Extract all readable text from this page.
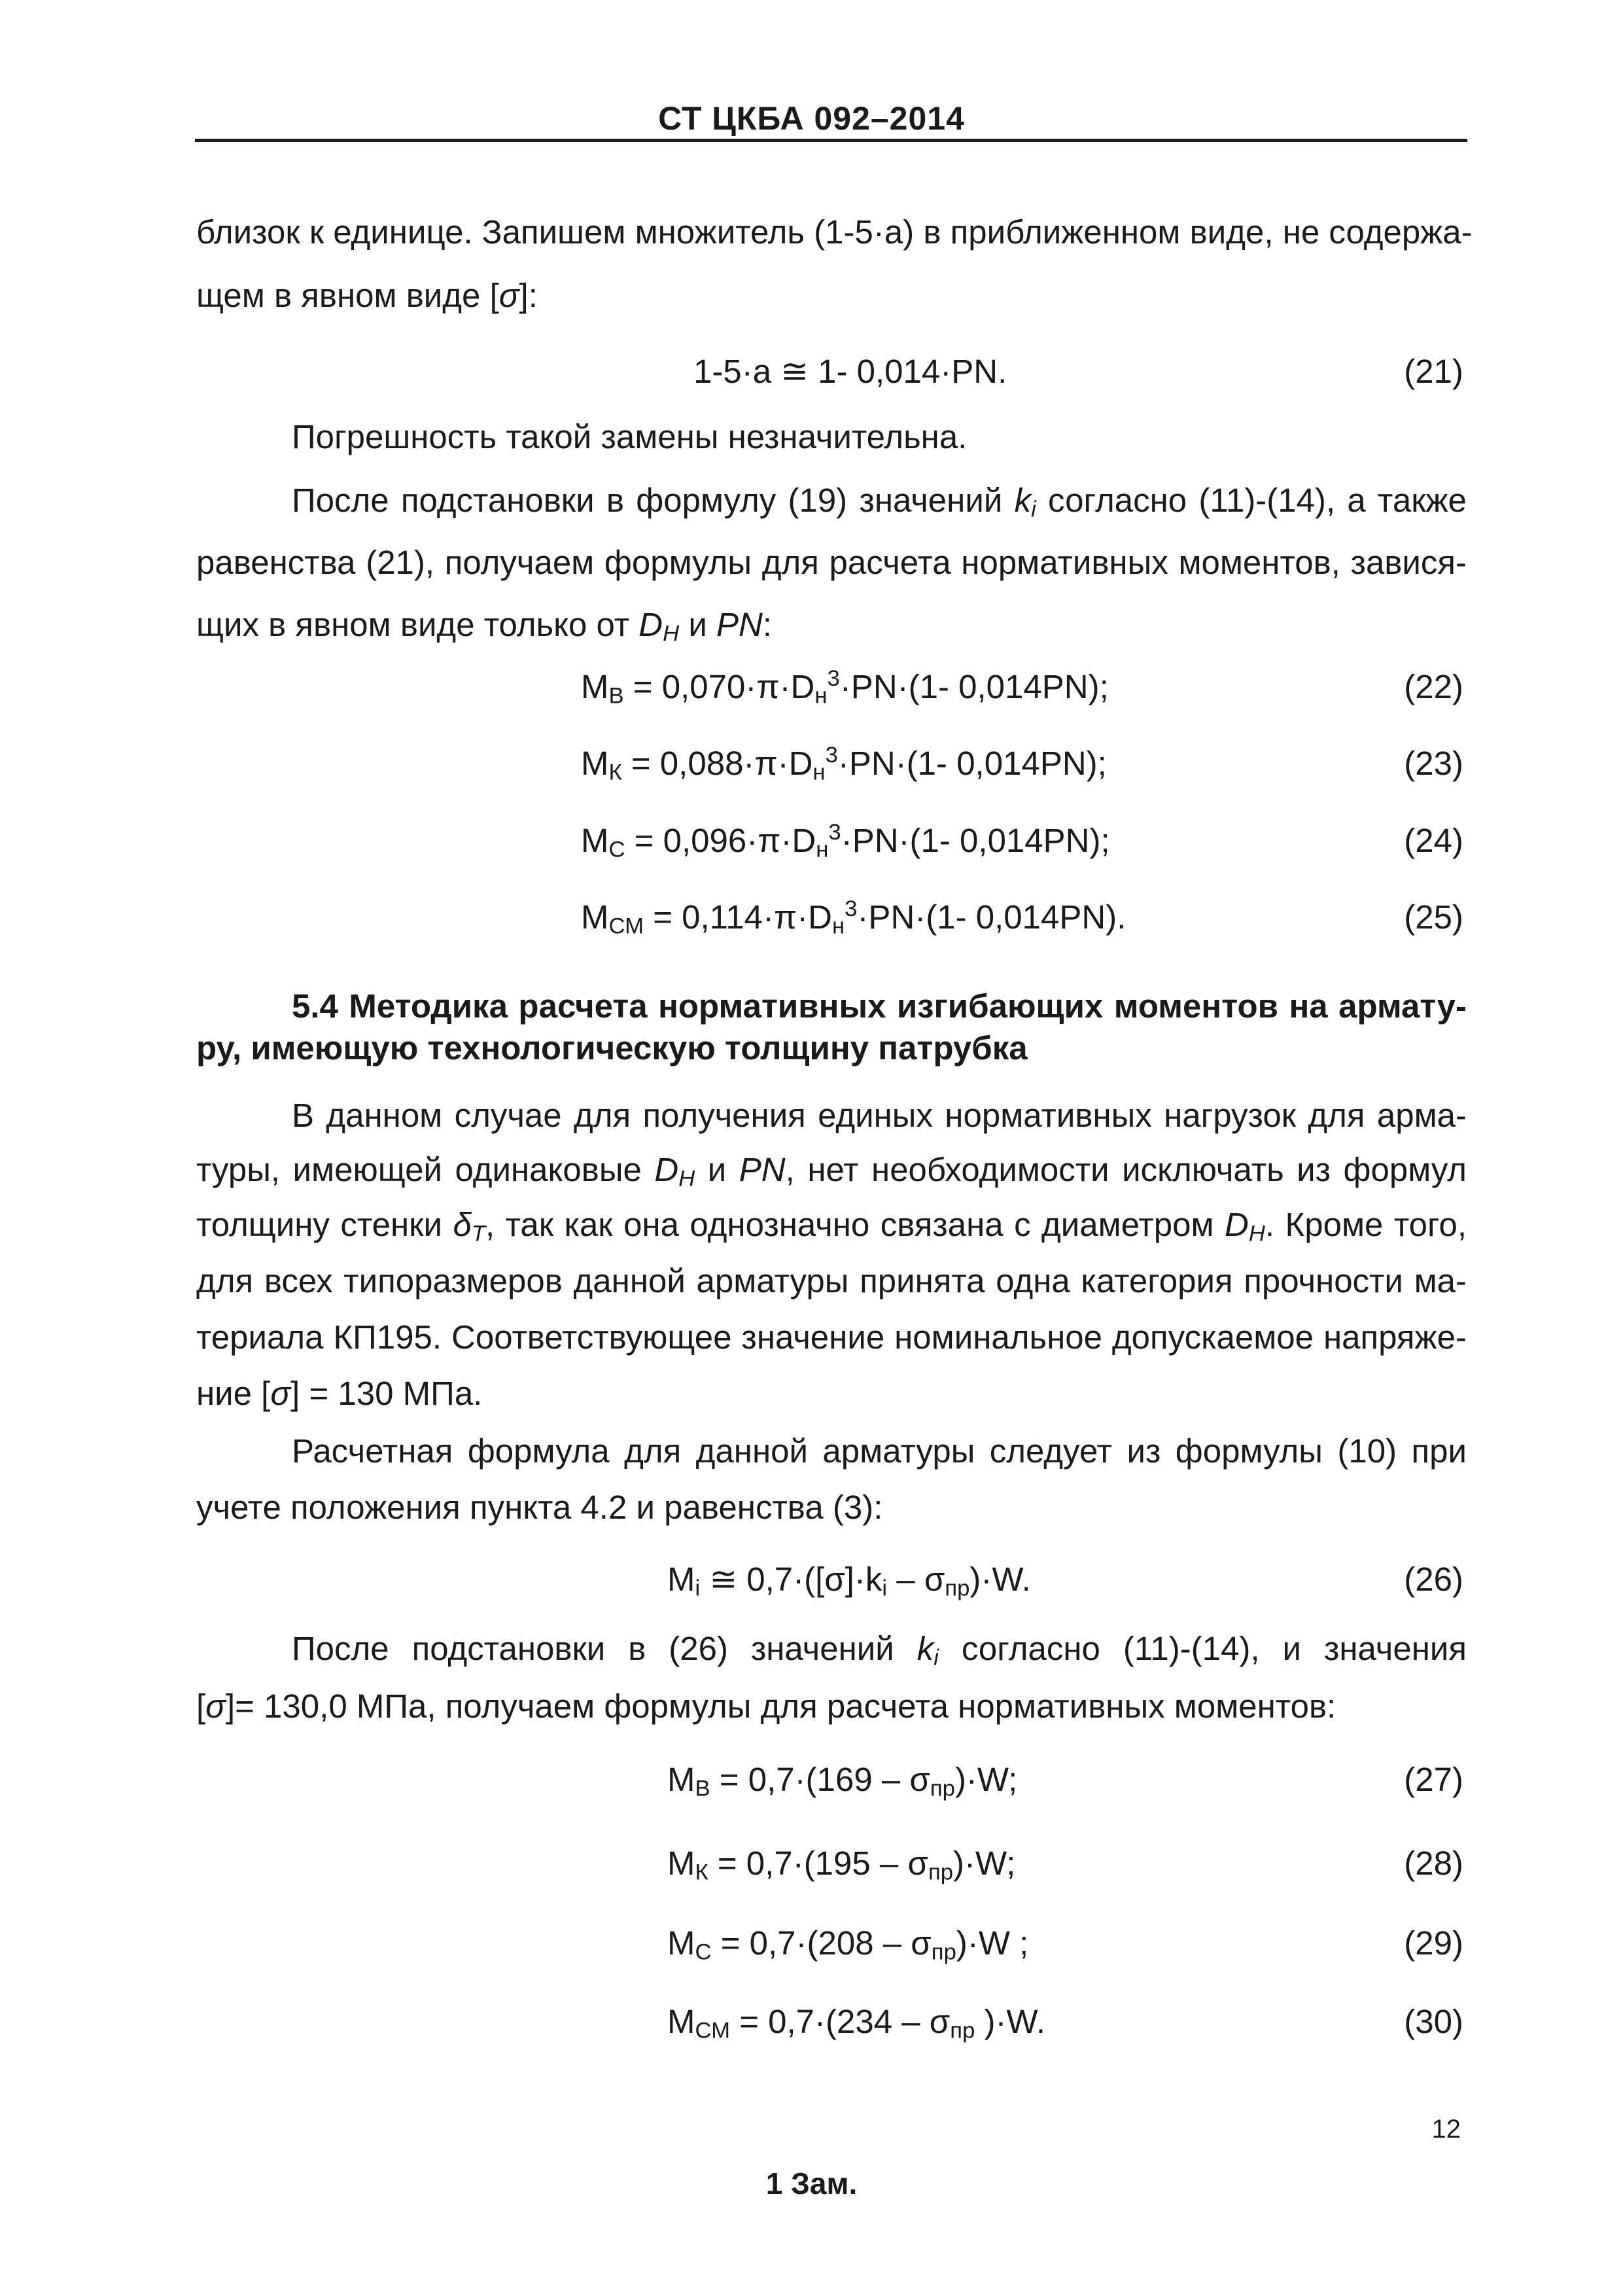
СТ ЦКБА 092–2014
близок к единице. Запишем множитель (1-5·a) в приближенном виде, не содержа-
щем в явном виде [σ]:
1-5·a ≅ 1- 0,014·PN.	(21)
Погрешность такой замены незначительна.
После подстановки в формулу (19) значений $k_i$ согласно (11)-(14), а также
равенства (21), получаем формулы для расчета нормативных моментов, завися-
щих в явном виде только от $D_Н$ и PN:
$М_В = 0,070\cdot\pi\cdot D_н^3\cdot PN\cdot(1-$ 0,014PN);	(22)
$М_К = 0,088\cdot\pi\cdot D_н^3\cdot PN\cdot(1-$ 0,014PN);	(23)
$М_С = 0,096\cdot\pi\cdot D_н^3\cdot PN\cdot(1-$ 0,014PN);	(24)
$М_{СМ} = 0,114\cdot\pi\cdot D_н^3\cdot PN\cdot(1-$ 0,014PN).	(25)
5.4 Методика расчета нормативных изгибающих моментов на армату-
ру, имеющую технологическую толщину патрубка
В данном случае для получения единых нормативных нагрузок для арма-
туры, имеющей одинаковые $D_Н$ и PN, нет необходимости исключать из формул
толщину стенки $\delta_Т$, так как она однозначно связана с диаметром $D_Н$. Кроме того,
для всех типоразмеров данной арматуры принята одна категория прочности ма-
териала КП195. Соответствующее значение номинальное допускаемое напряже-
ние [σ] = 130 МПа.
Расчетная формула для данной арматуры следует из формулы (10) при
учете положения пункта 4.2 и равенства (3):
$М_i$ ≅ $0,7\cdot([\sigma]\cdot k_i - \sigma_{пр})\cdot W$.	(26)
После подстановки в (26) значений $k_i$ согласно (11)-(14), и значения
[σ]= 130,0 МПа, получаем формулы для расчета нормативных моментов:
$М_В = 0,7\cdot(169 - \sigma_{пр})\cdot W$;	(27)
$М_К = 0,7\cdot(195 - \sigma_{пр})\cdot W$;	(28)
$М_С = 0,7\cdot(208 - \sigma_{пр})\cdot W$ ;	(29)
$М_{СМ} = 0,7\cdot(234 - \sigma_{пр}$ )·W.	(30)
12
1 Зам.
